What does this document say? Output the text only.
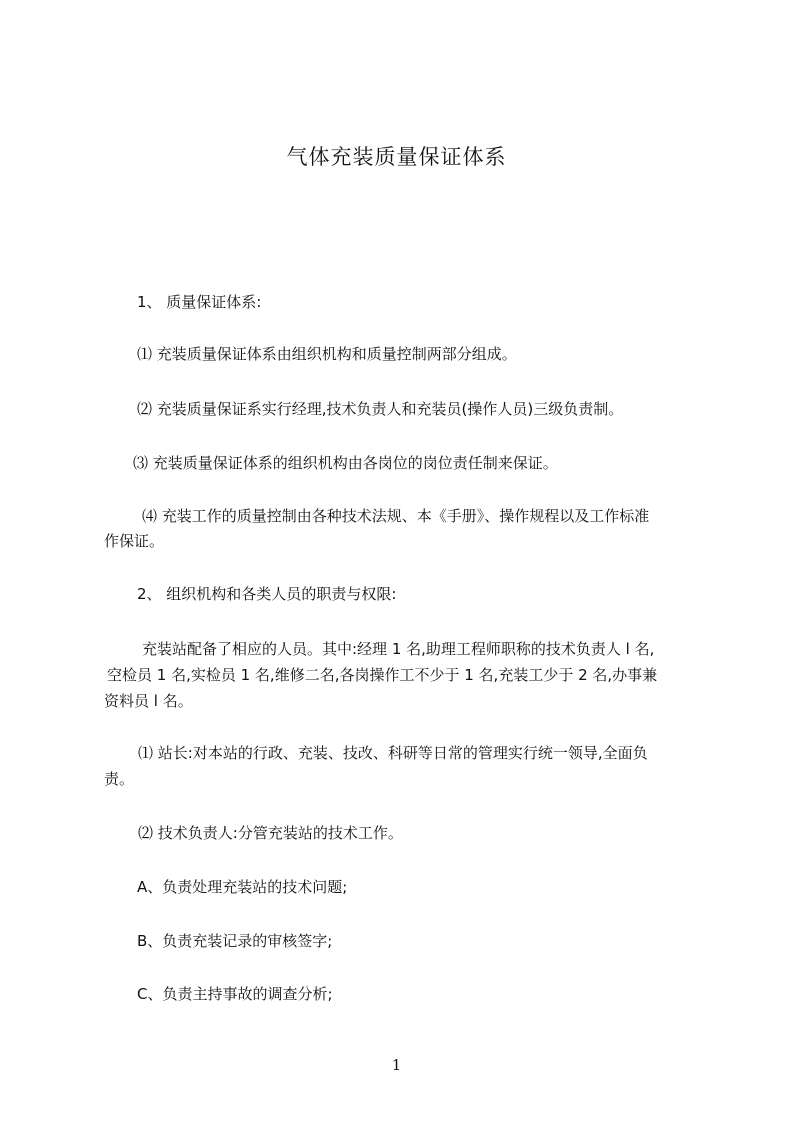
气体充装质量保证体系

1、 质量保证体系:

⑴ 充装质量保证体系由组织机构和质量控制两部分组成。

⑵ 充装质量保证系实行经理,技术负责人和充装员(操作人员)三级负责制。

⑶ 充装质量保证体系的组织机构由各岗位的岗位责任制来保证。

⑷ 充装工作的质量控制由各种技术法规、本《手册》、操作规程以及工作标准

作保证。

2、 组织机构和各类人员的职责与权限:

充装站配备了相应的人员。其中:经理 1 名,助理工程师职称的技术负责人 l 名,

空检员 1 名,实检员 1 名,维修二名,各岗操作工不少于 1 名,充装工少于 2 名,办事兼

资料员 l 名。

⑴ 站长:对本站的行政、充装、技改、科研等日常的管理实行统一领导,全面负

责。

⑵ 技术负责人:分管充装站的技术工作。

A、负责处理充装站的技术问题;

B、负责充装记录的审核签字;

C、负责主持事故的调查分析;

1
